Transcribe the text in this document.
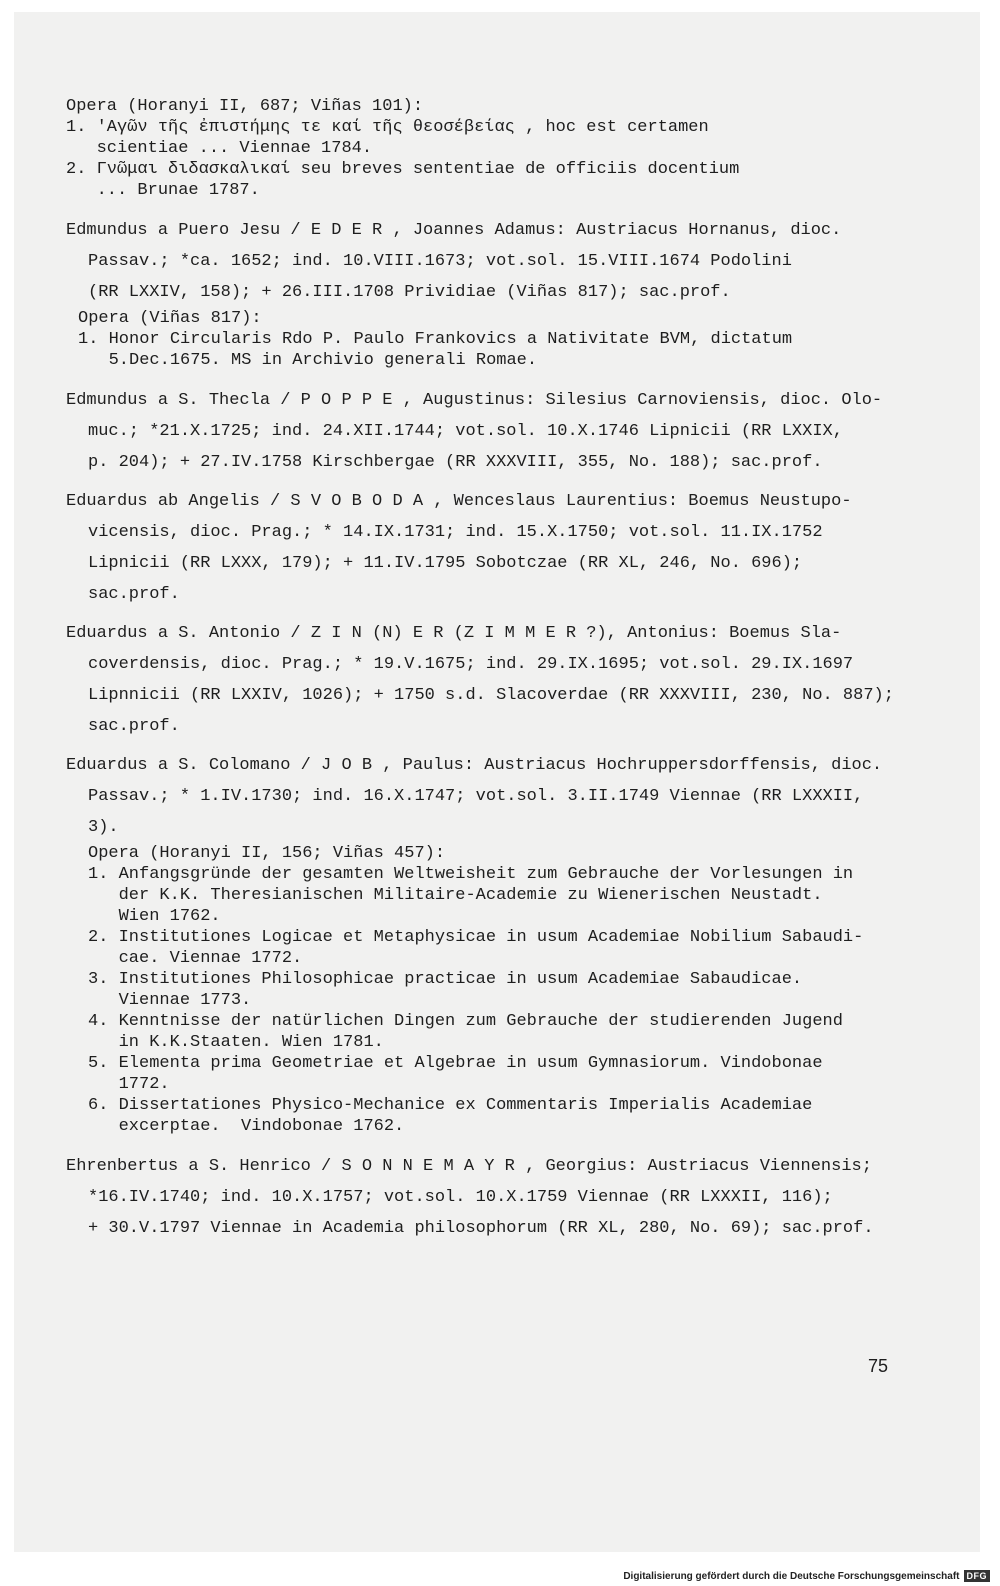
Opera (Horanyi II, 687; Viñas 101):
1. 'Αγῶν τῆς ἐπιστήμης τε καί τῆς θεοσέβείας , hoc est certamen
scientiae ... Viennae 1784.
2. Γνῶμαι διδασκαλικαί seu breves sententiae de officiis docentium
... Brunae 1787.
Edmundus a Puero Jesu / E D E R , Joannes Adamus: Austriacus Hornanus, dioc.
Passav.; *ca. 1652; ind. 10.VIII.1673; vot.sol. 15.VIII.1674 Podolini
(RR LXXIV, 158); + 26.III.1708 Prividiae (Viñas 817); sac.prof.
Opera (Viñas 817):
1. Honor Circularis Rdo P. Paulo Frankovics a Nativitate BVM, dictatum
5.Dec.1675. MS in Archivio generali Romae.
Edmundus a S. Thecla / P O P P E , Augustinus: Silesius Carnoviensis, dioc. Olo-
muc.; *21.X.1725; ind. 24.XII.1744; vot.sol. 10.X.1746 Lipnicii (RR LXXIX,
p. 204); + 27.IV.1758 Kirschbergae (RR XXXVIII, 355, No. 188); sac.prof.
Eduardus ab Angelis / S V O B O D A , Wenceslaus Laurentius: Boemus Neustupo-
vicensis, dioc. Prag.; * 14.IX.1731; ind. 15.X.1750; vot.sol. 11.IX.1752
Lipnicii (RR LXXX, 179); + 11.IV.1795 Sobotczae (RR XL, 246, No. 696);
sac.prof.
Eduardus a S. Antonio / Z I N (N) E R (Z I M M E R ?), Antonius: Boemus Sla-
coverdensis, dioc. Prag.; * 19.V.1675; ind. 29.IX.1695; vot.sol. 29.IX.1697
Lipnnicii (RR LXXIV, 1026); + 1750 s.d. Slacoverdae (RR XXXVIII, 230, No. 887);
sac.prof.
Eduardus a S. Colomano / J O B , Paulus: Austriacus Hochruppersdorffensis, dioc.
Passav.; * 1.IV.1730; ind. 16.X.1747; vot.sol. 3.II.1749 Viennae (RR LXXXII,
3).
Opera (Horanyi II, 156; Viñas 457):
1. Anfangsgründe der gesamten Weltweisheit zum Gebrauche der Vorlesungen in
der K.K. Theresianischen Militaire-Academie zu Wienerischen Neustadt.
Wien 1762.
2. Institutiones Logicae et Metaphysicae in usum Academiae Nobilium Sabaudi-
cae. Viennae 1772.
3. Institutiones Philosophicae practicae in usum Academiae Sabaudicae.
Viennae 1773.
4. Kenntnisse der natürlichen Dingen zum Gebrauche der studierenden Jugend
in K.K.Staaten. Wien 1781.
5. Elementa prima Geometriae et Algebrae in usum Gymnasiorum. Vindobonae
1772.
6. Dissertationes Physico-Mechanice ex Commentaris Imperialis Academiae
excerptae.  Vindobonae 1762.
Ehrenbertus a S. Henrico / S O N N E M A Y R , Georgius: Austriacus Viennensis;
*16.IV.1740; ind. 10.X.1757; vot.sol. 10.X.1759 Viennae (RR LXXXII, 116);
+ 30.V.1797 Viennae in Academia philosophorum (RR XL, 280, No. 69); sac.prof.
75
Digitalisierung gefördert durch die Deutsche Forschungsgemeinschaft DFG
